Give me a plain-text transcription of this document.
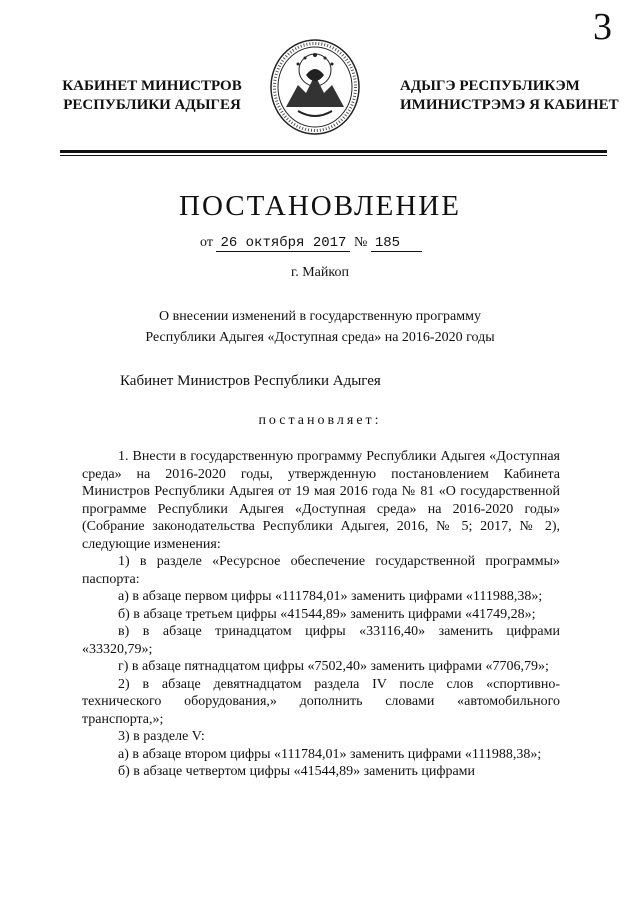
3
КАБИНЕТ МИНИСТРОВ
РЕСПУБЛИКИ АДЫГЕЯ
АДЫГЭ РЕСПУБЛИКЭМ
ИМИНИСТРЭМЭ Я КАБИНЕТ
ПОСТАНОВЛЕНИЕ
от 26 октября 2017 № 185
г. Майкоп
О внесении изменений в государственную программу
Республики Адыгея «Доступная среда» на 2016-2020 годы
Кабинет Министров Республики Адыгея
постановляет:

1. Внести в государственную программу Республики Адыгея «Доступная среда» на 2016-2020 годы, утвержденную постановлением Кабинета Министров Республики Адыгея от 19 мая 2016 года № 81 «О государственной программе Республики Адыгея «Доступная среда» на 2016-2020 годы» (Собрание законодательства Республики Адыгея, 2016, № 5; 2017, № 2), следующие изменения:

1) в разделе «Ресурсное обеспечение государственной программы» паспорта:

а) в абзаце первом цифры «111784,01» заменить цифрами «111988,38»;

б) в абзаце третьем цифры «41544,89» заменить цифрами «41749,28»;

в) в абзаце тринадцатом цифры «33116,40» заменить цифрами «33320,79»;

г) в абзаце пятнадцатом цифры «7502,40» заменить цифрами «7706,79»;

2) в абзаце девятнадцатом раздела IV после слов «спортивно-технического оборудования,» дополнить словами «автомобильного транспорта,»;

3) в разделе V:

а) в абзаце втором цифры «111784,01» заменить цифрами «111988,38»;

б) в абзаце четвертом цифры «41544,89» заменить цифрами
